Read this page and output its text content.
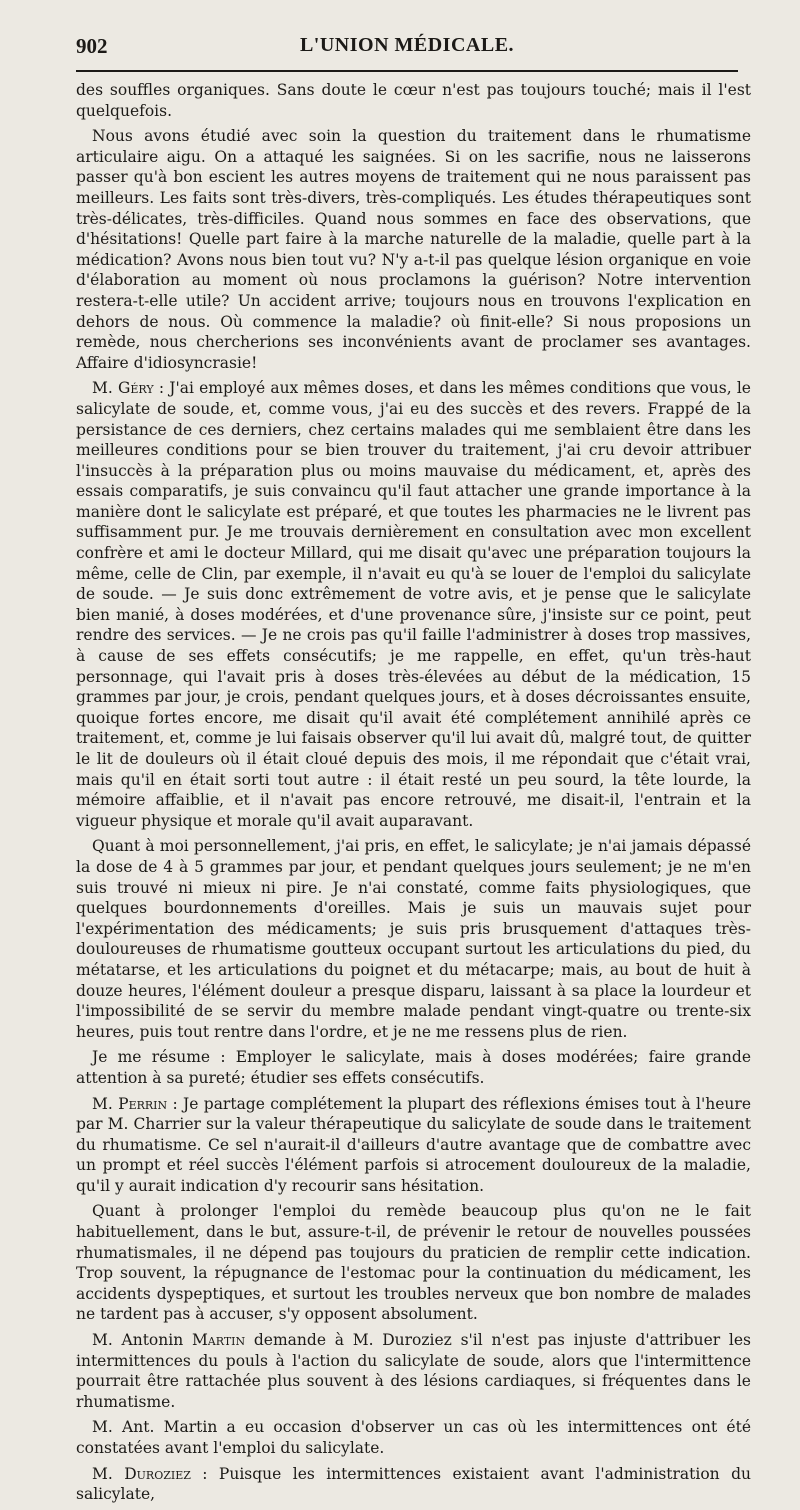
902	L'UNION MÉDICALE.

des souffles organiques. Sans doute le cœur n'est pas toujours touché; mais il l'est quelquefois.

Nous avons étudié avec soin la question du traitement dans le rhumatisme articulaire aigu. On a attaqué les saignées. Si on les sacrifie, nous ne laisserons passer qu'à bon escient les autres moyens de traitement qui ne nous paraissent pas meilleurs. Les faits sont très-divers, très-compliqués. Les études thérapeutiques sont très-délicates, très-difficiles. Quand nous sommes en face des observations, que d'hésitations! Quelle part faire à la marche naturelle de la maladie, quelle part à la médication? Avons nous bien tout vu? N'y a-t-il pas quelque lésion organique en voie d'élaboration au moment où nous proclamons la guérison? Notre intervention restera-t-elle utile? Un accident arrive; toujours nous en trouvons l'explication en dehors de nous. Où commence la maladie? où finit-elle? Si nous proposions un remède, nous chercherions ses inconvénients avant de proclamer ses avantages. Affaire d'idiosyncrasie!

M. Géry : J'ai employé aux mêmes doses, et dans les mêmes conditions que vous, le salicylate de soude, et, comme vous, j'ai eu des succès et des revers. Frappé de la persistance de ces derniers, chez certains malades qui me semblaient être dans les meilleures conditions pour se bien trouver du traitement, j'ai cru devoir attribuer l'insuccès à la préparation plus ou moins mauvaise du médicament, et, après des essais comparatifs, je suis convaincu qu'il faut attacher une grande importance à la manière dont le salicylate est préparé, et que toutes les pharmacies ne le livrent pas suffisamment pur. Je me trouvais dernièrement en consultation avec mon excellent confrère et ami le docteur Millard, qui me disait qu'avec une préparation toujours la même, celle de Clin, par exemple, il n'avait eu qu'à se louer de l'emploi du salicylate de soude. — Je suis donc extrêmement de votre avis, et je pense que le salicylate bien manié, à doses modérées, et d'une provenance sûre, j'insiste sur ce point, peut rendre des services. — Je ne crois pas qu'il faille l'administrer à doses trop massives, à cause de ses effets consécutifs; je me rappelle, en effet, qu'un très-haut personnage, qui l'avait pris à doses très-élevées au début de la médication, 15 grammes par jour, je crois, pendant quelques jours, et à doses décroissantes ensuite, quoique fortes encore, me disait qu'il avait été complétement annihilé après ce traitement, et, comme je lui faisais observer qu'il lui avait dû, malgré tout, de quitter le lit de douleurs où il était cloué depuis des mois, il me répondait que c'était vrai, mais qu'il en était sorti tout autre : il était resté un peu sourd, la tête lourde, la mémoire affaiblie, et il n'avait pas encore retrouvé, me disait-il, l'entrain et la vigueur physique et morale qu'il avait auparavant.

Quant à moi personnellement, j'ai pris, en effet, le salicylate; je n'ai jamais dépassé la dose de 4 à 5 grammes par jour, et pendant quelques jours seulement; je ne m'en suis trouvé ni mieux ni pire. Je n'ai constaté, comme faits physiologiques, que quelques bourdonnements d'oreilles. Mais je suis un mauvais sujet pour l'expérimentation des médicaments; je suis pris brusquement d'attaques très-douloureuses de rhumatisme goutteux occupant surtout les articulations du pied, du métatarse, et les articulations du poignet et du métacarpe; mais, au bout de huit à douze heures, l'élément douleur a presque disparu, laissant à sa place la lourdeur et l'impossibilité de se servir du membre malade pendant vingt-quatre ou trente-six heures, puis tout rentre dans l'ordre, et je ne me ressens plus de rien.

Je me résume : Employer le salicylate, mais à doses modérées; faire grande attention à sa pureté; étudier ses effets consécutifs.

M. Perrin : Je partage complétement la plupart des réflexions émises tout à l'heure par M. Charrier sur la valeur thérapeutique du salicylate de soude dans le traitement du rhumatisme. Ce sel n'aurait-il d'ailleurs d'autre avantage que de combattre avec un prompt et réel succès l'élément parfois si atrocement douloureux de la maladie, qu'il y aurait indication d'y recourir sans hésitation.

Quant à prolonger l'emploi du remède beaucoup plus qu'on ne le fait habituellement, dans le but, assure-t-il, de prévenir le retour de nouvelles poussées rhumatismales, il ne dépend pas toujours du praticien de remplir cette indication. Trop souvent, la répugnance de l'estomac pour la continuation du médicament, les accidents dyspeptiques, et surtout les troubles nerveux que bon nombre de malades ne tardent pas à accuser, s'y opposent absolument.

M. Antonin Martin demande à M. Duroziez s'il n'est pas injuste d'attribuer les intermittences du pouls à l'action du salicylate de soude, alors que l'intermittence pourrait être rattachée plus souvent à des lésions cardiaques, si fréquentes dans le rhumatisme.

M. Ant. Martin a eu occasion d'observer un cas où les intermittences ont été constatées avant l'emploi du salicylate.

M. Duroziez : Puisque les intermittences existaient avant l'administration du salicylate,
